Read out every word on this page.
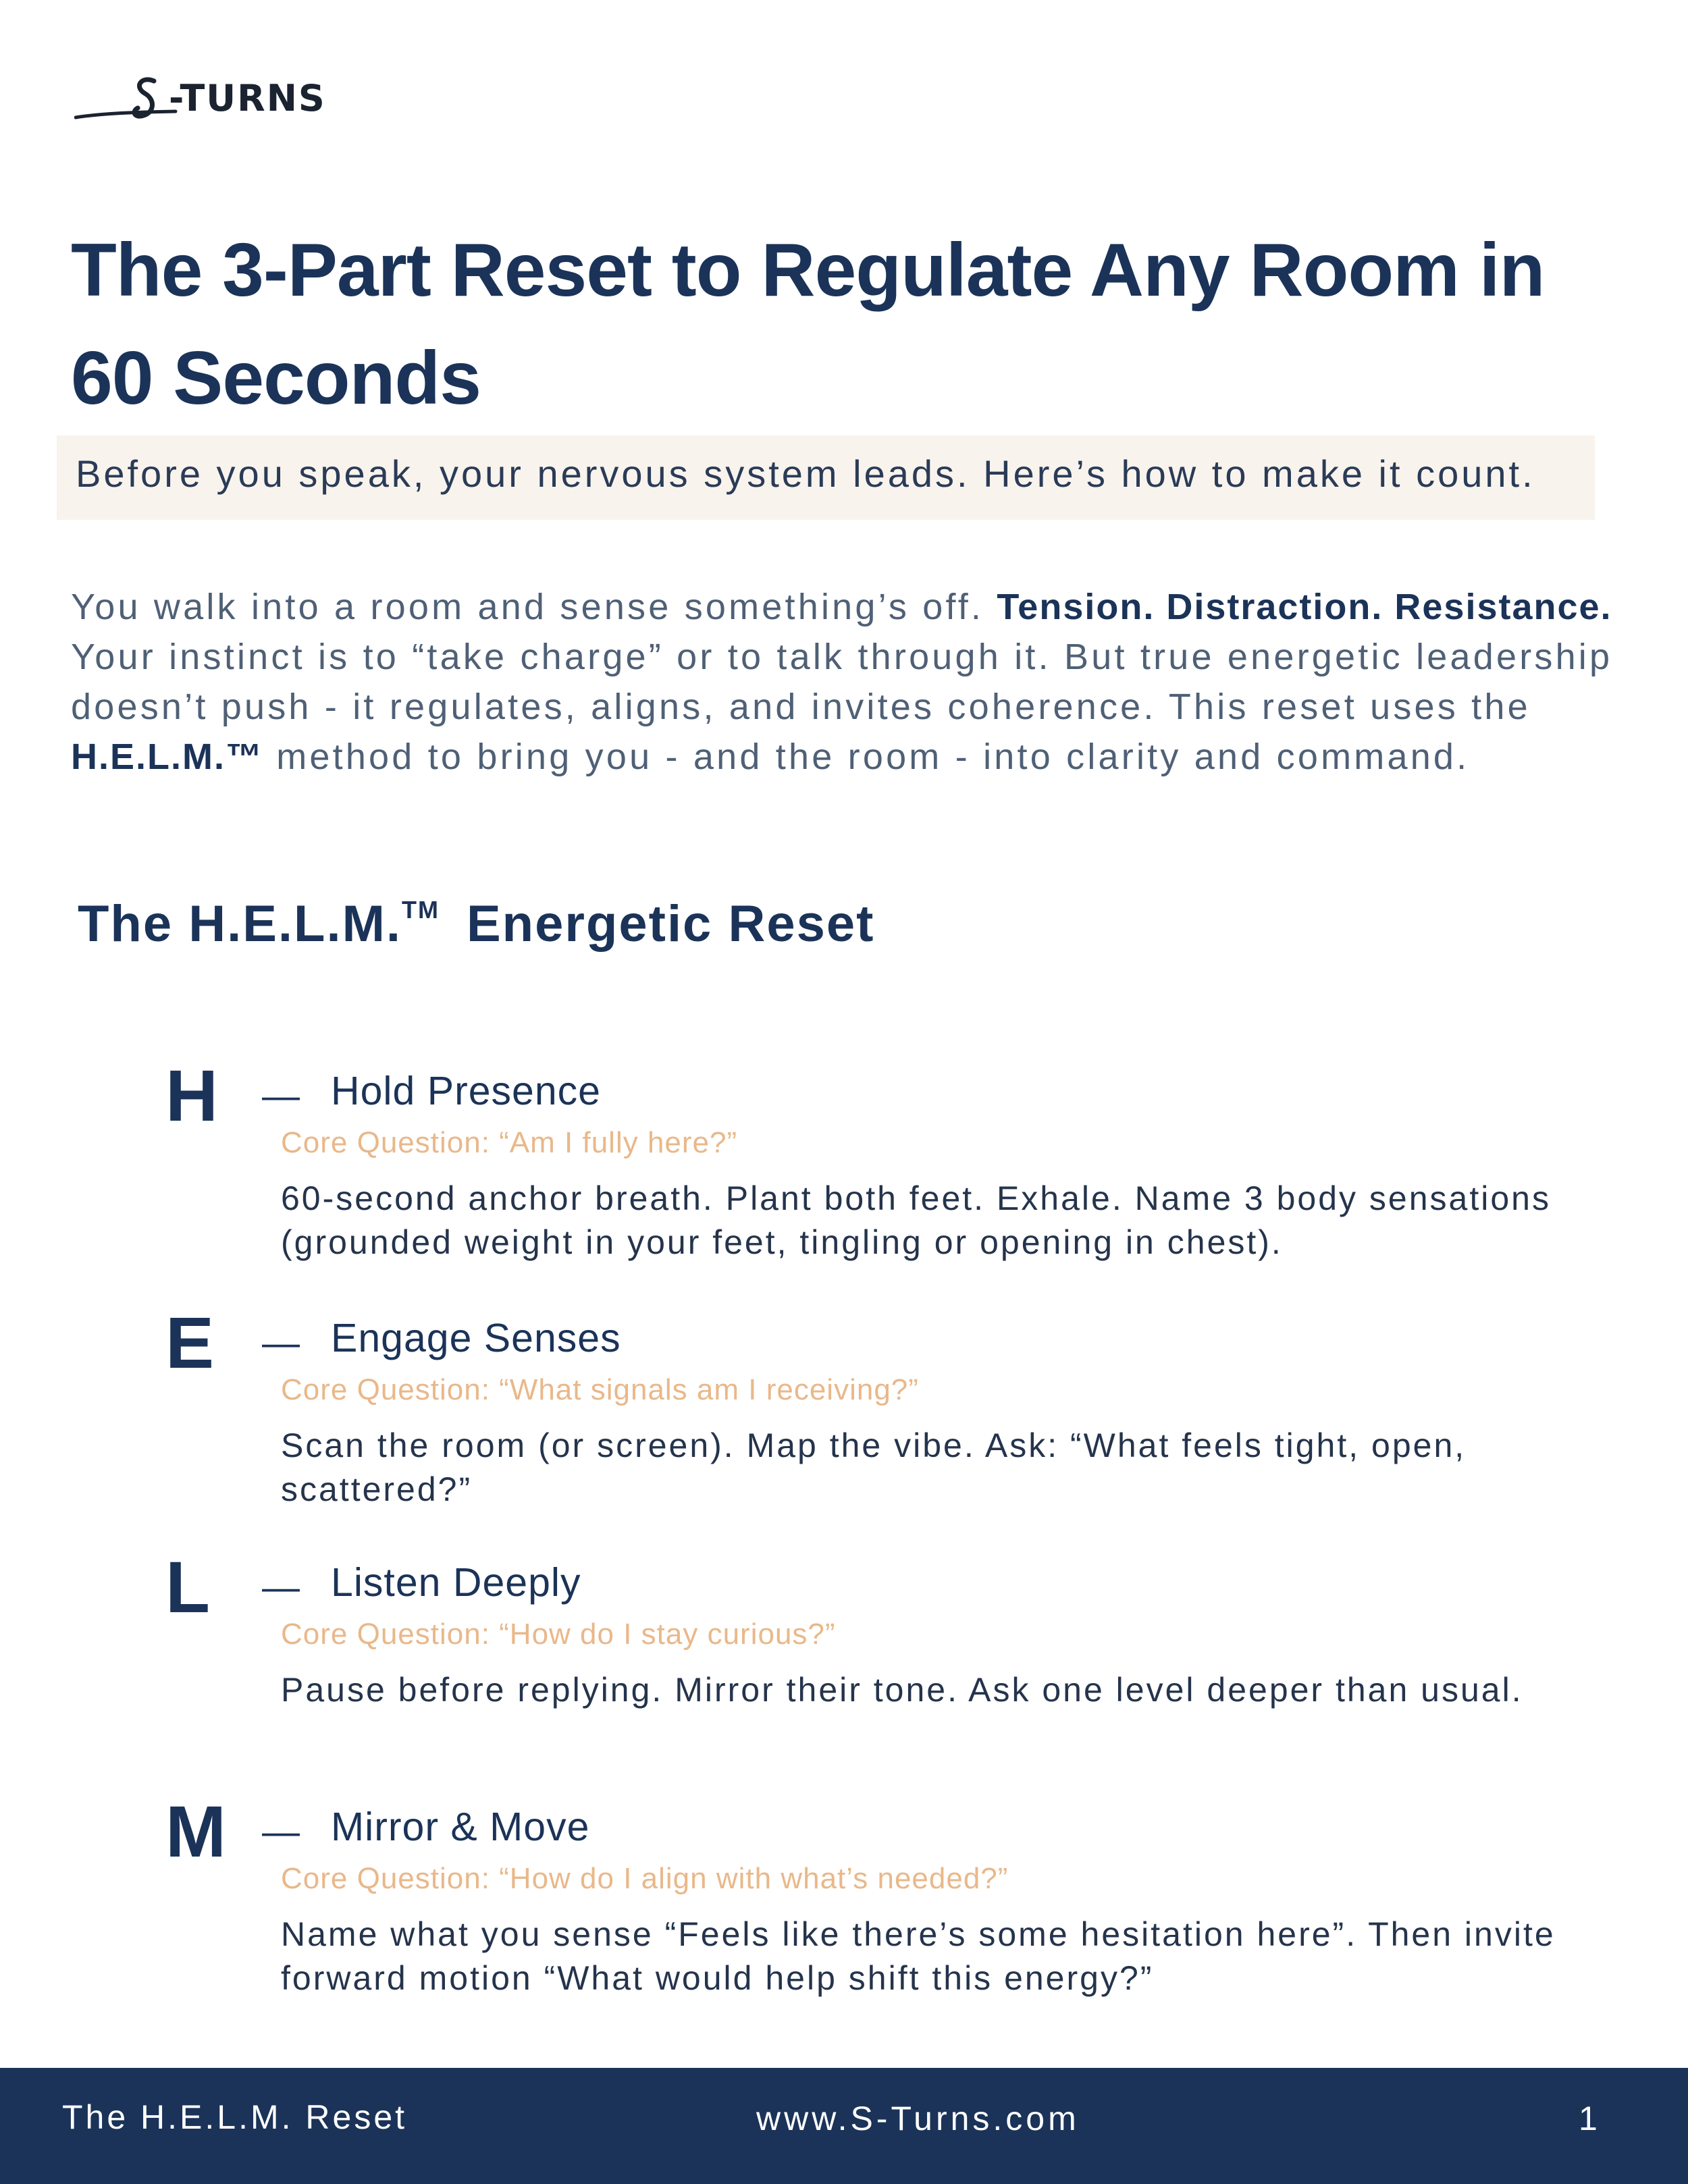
-TURNS
The 3-Part Reset to Regulate Any Room in 60 Seconds
Before you speak, your nervous system leads. Here’s how to make it count.

You walk into a room and sense something’s off. Tension. Distraction. Resistance. Your instinct is to “take charge” or to talk through it. But true energetic leadership doesn’t push - it regulates, aligns, and invites coherence. This reset uses the H.E.L.M.™ method to bring you - and the room - into clarity and command.

The H.E.L.M.™ Energetic Reset
H — Hold Presence
Core Question: “Am I fully here?”

60-second anchor breath. Plant both feet. Exhale. Name 3 body sensations (grounded weight in your feet, tingling or opening in chest).

E — Engage Senses
Core Question: “What signals am I receiving?”

Scan the room (or screen). Map the vibe. Ask: “What feels tight, open, scattered?”

L — Listen Deeply
Core Question: “How do I stay curious?”

Pause before replying. Mirror their tone. Ask one level deeper than usual.

M — Mirror & Move
Core Question: “How do I align with what’s needed?”

Name what you sense “Feels like there’s some hesitation here”. Then invite forward motion “What would help shift this energy?”

The H.E.L.M. Reset	www.S-Turns.com	1
